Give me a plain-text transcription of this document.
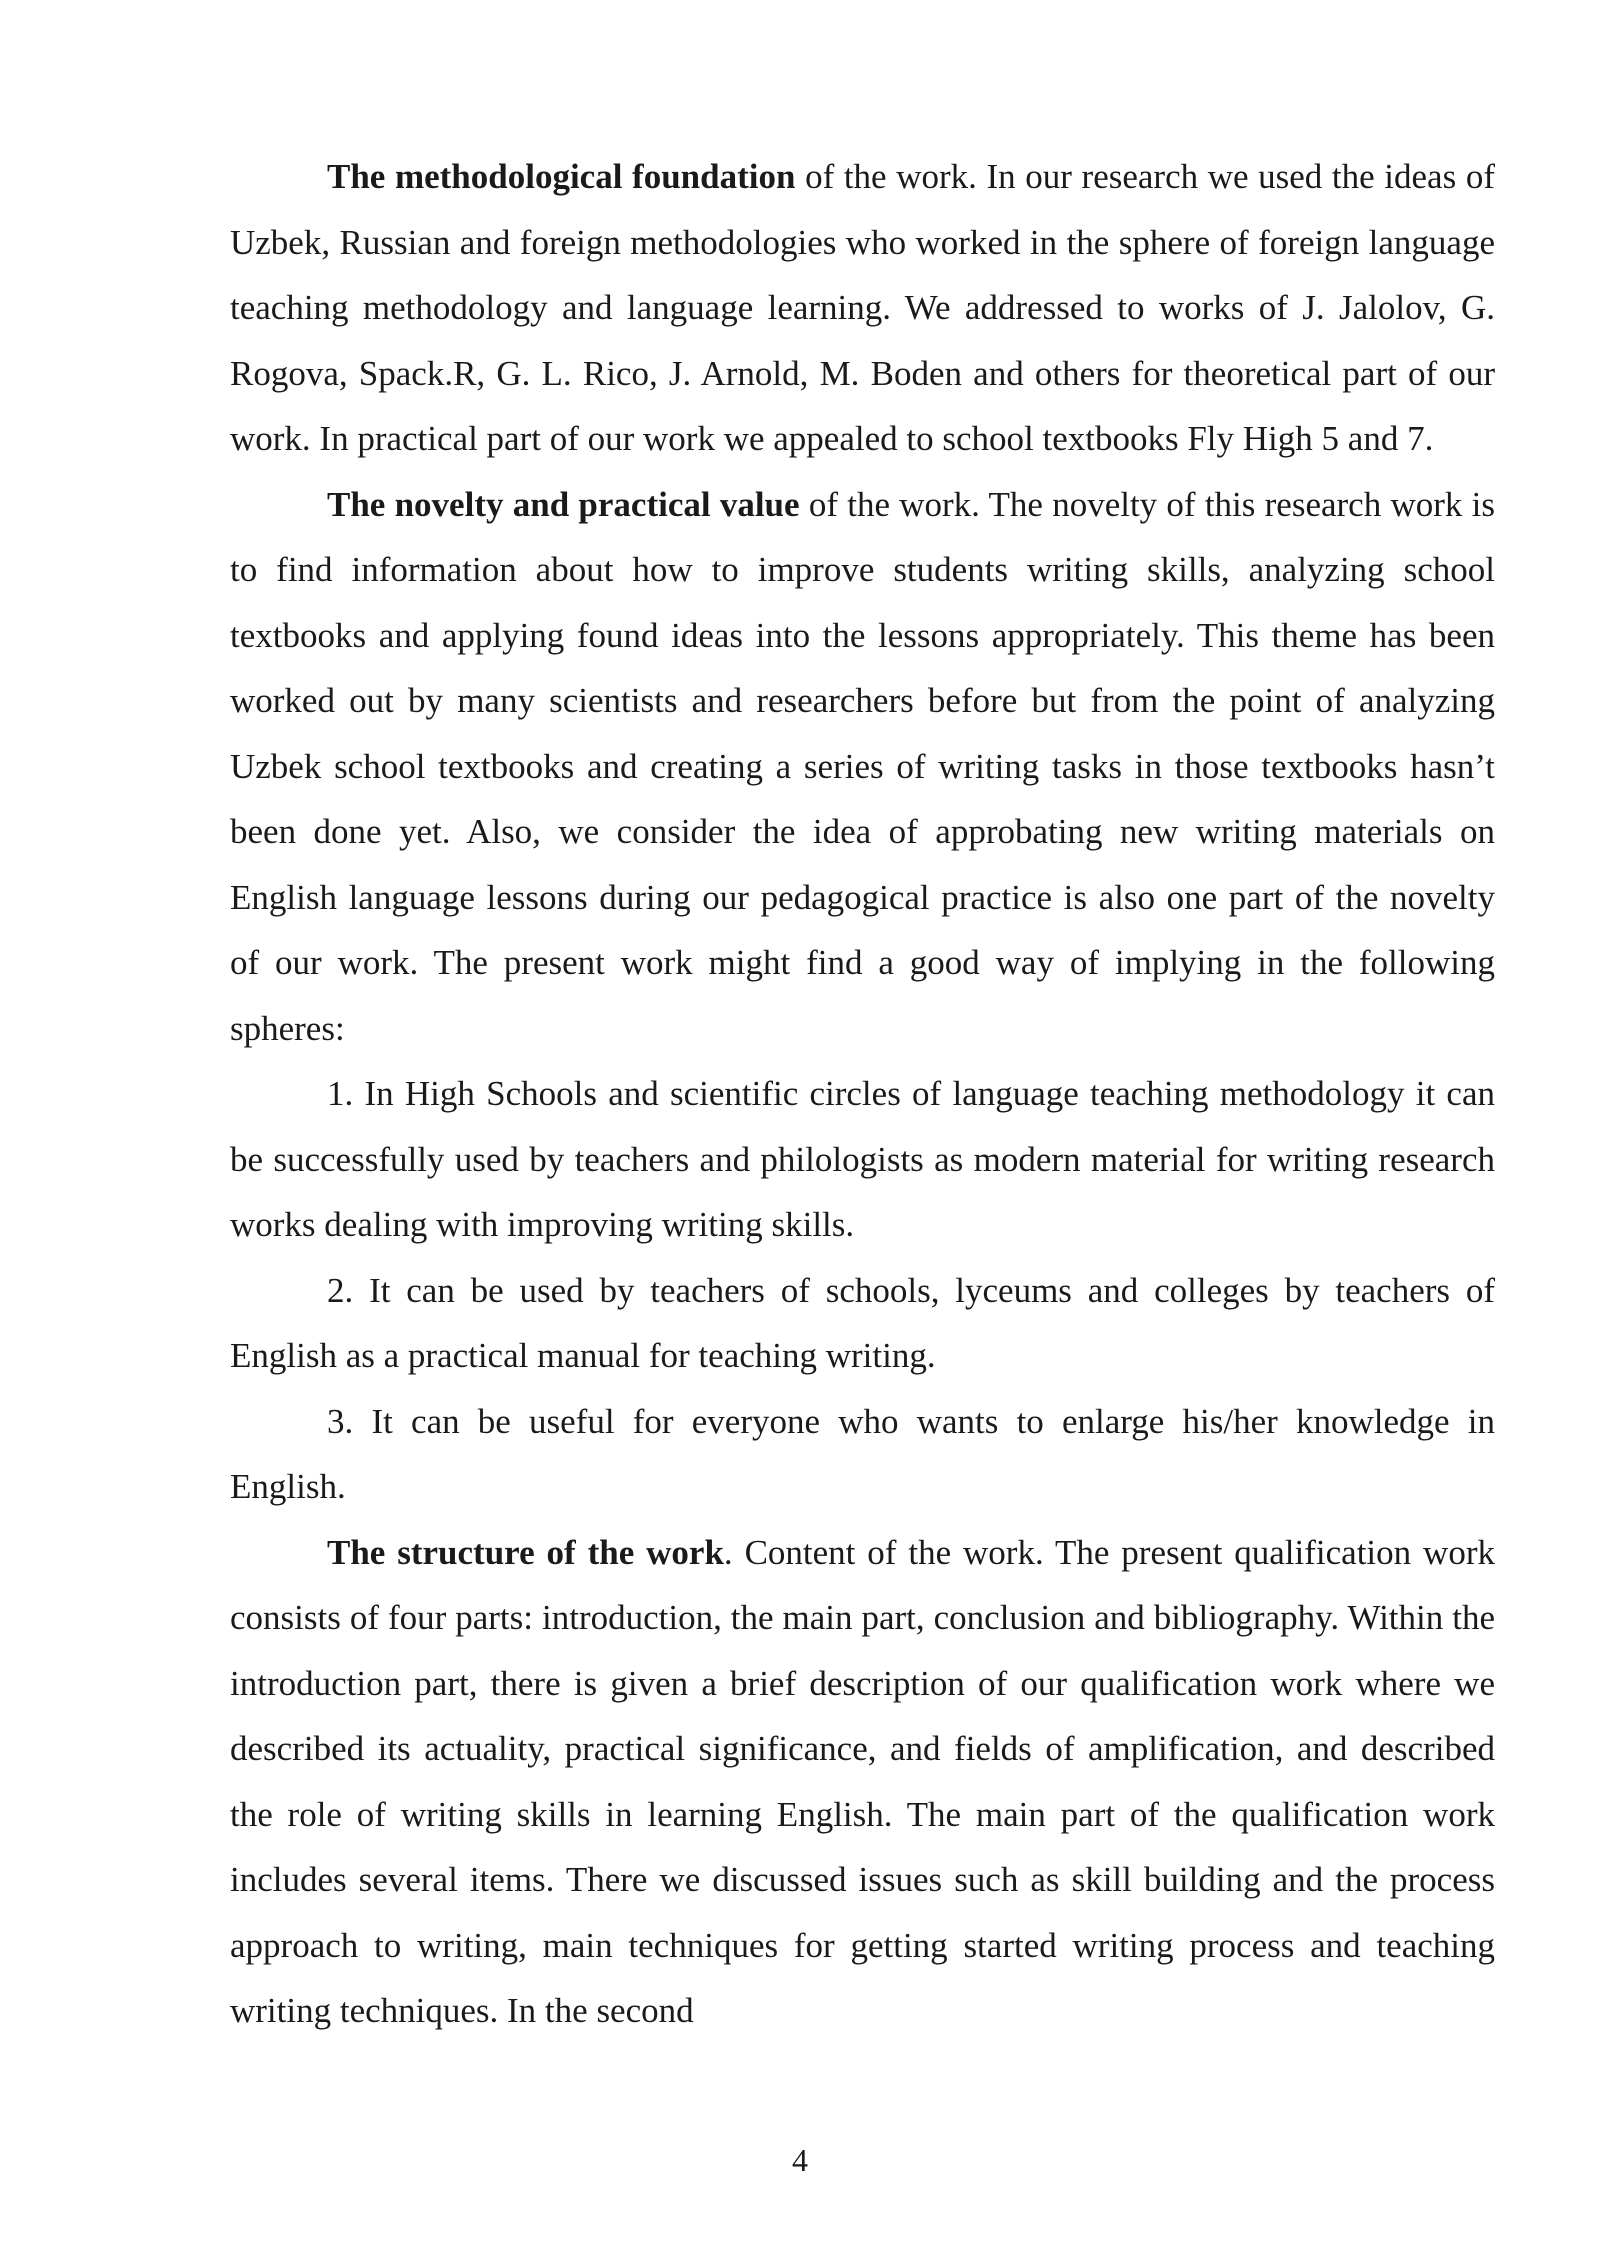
The methodological foundation of the work. In our research we used the ideas of Uzbek, Russian and foreign methodologies who worked in the sphere of foreign language teaching methodology and language learning. We addressed to works of J. Jalolov, G. Rogova, Spack.R, G. L. Rico, J. Arnold, M. Boden and others for theoretical part of our work. In practical part of our work we appealed to school textbooks Fly High 5 and 7.

The novelty and practical value of the work. The novelty of this research work is to find information about how to improve students writing skills, analyzing school textbooks and applying found ideas into the lessons appropriately. This theme has been worked out by many scientists and researchers before but from the point of analyzing Uzbek school textbooks and creating a series of writing tasks in those textbooks hasn’t been done yet. Also, we consider the idea of approbating new writing materials on English language lessons during our pedagogical practice is also one part of the novelty of our work. The present work might find a good way of implying in the following spheres:

1. In High Schools and scientific circles of language teaching methodology it can be successfully used by teachers and philologists as modern material for writing research works dealing with improving writing skills.

2. It can be used by teachers of schools, lyceums and colleges by teachers of English as a practical manual for teaching writing.

3. It can be useful for everyone who wants to enlarge his/her knowledge in English.

The structure of the work. Content of the work. The present qualification work consists of four parts: introduction, the main part, conclusion and bibliography. Within the introduction part, there is given a brief description of our qualification work where we described its actuality, practical significance, and fields of amplification, and described the role of writing skills in learning English. The main part of the qualification work includes several items. There we discussed issues such as skill building and the process approach to writing, main techniques for getting started writing process and teaching writing techniques. In the second

4
